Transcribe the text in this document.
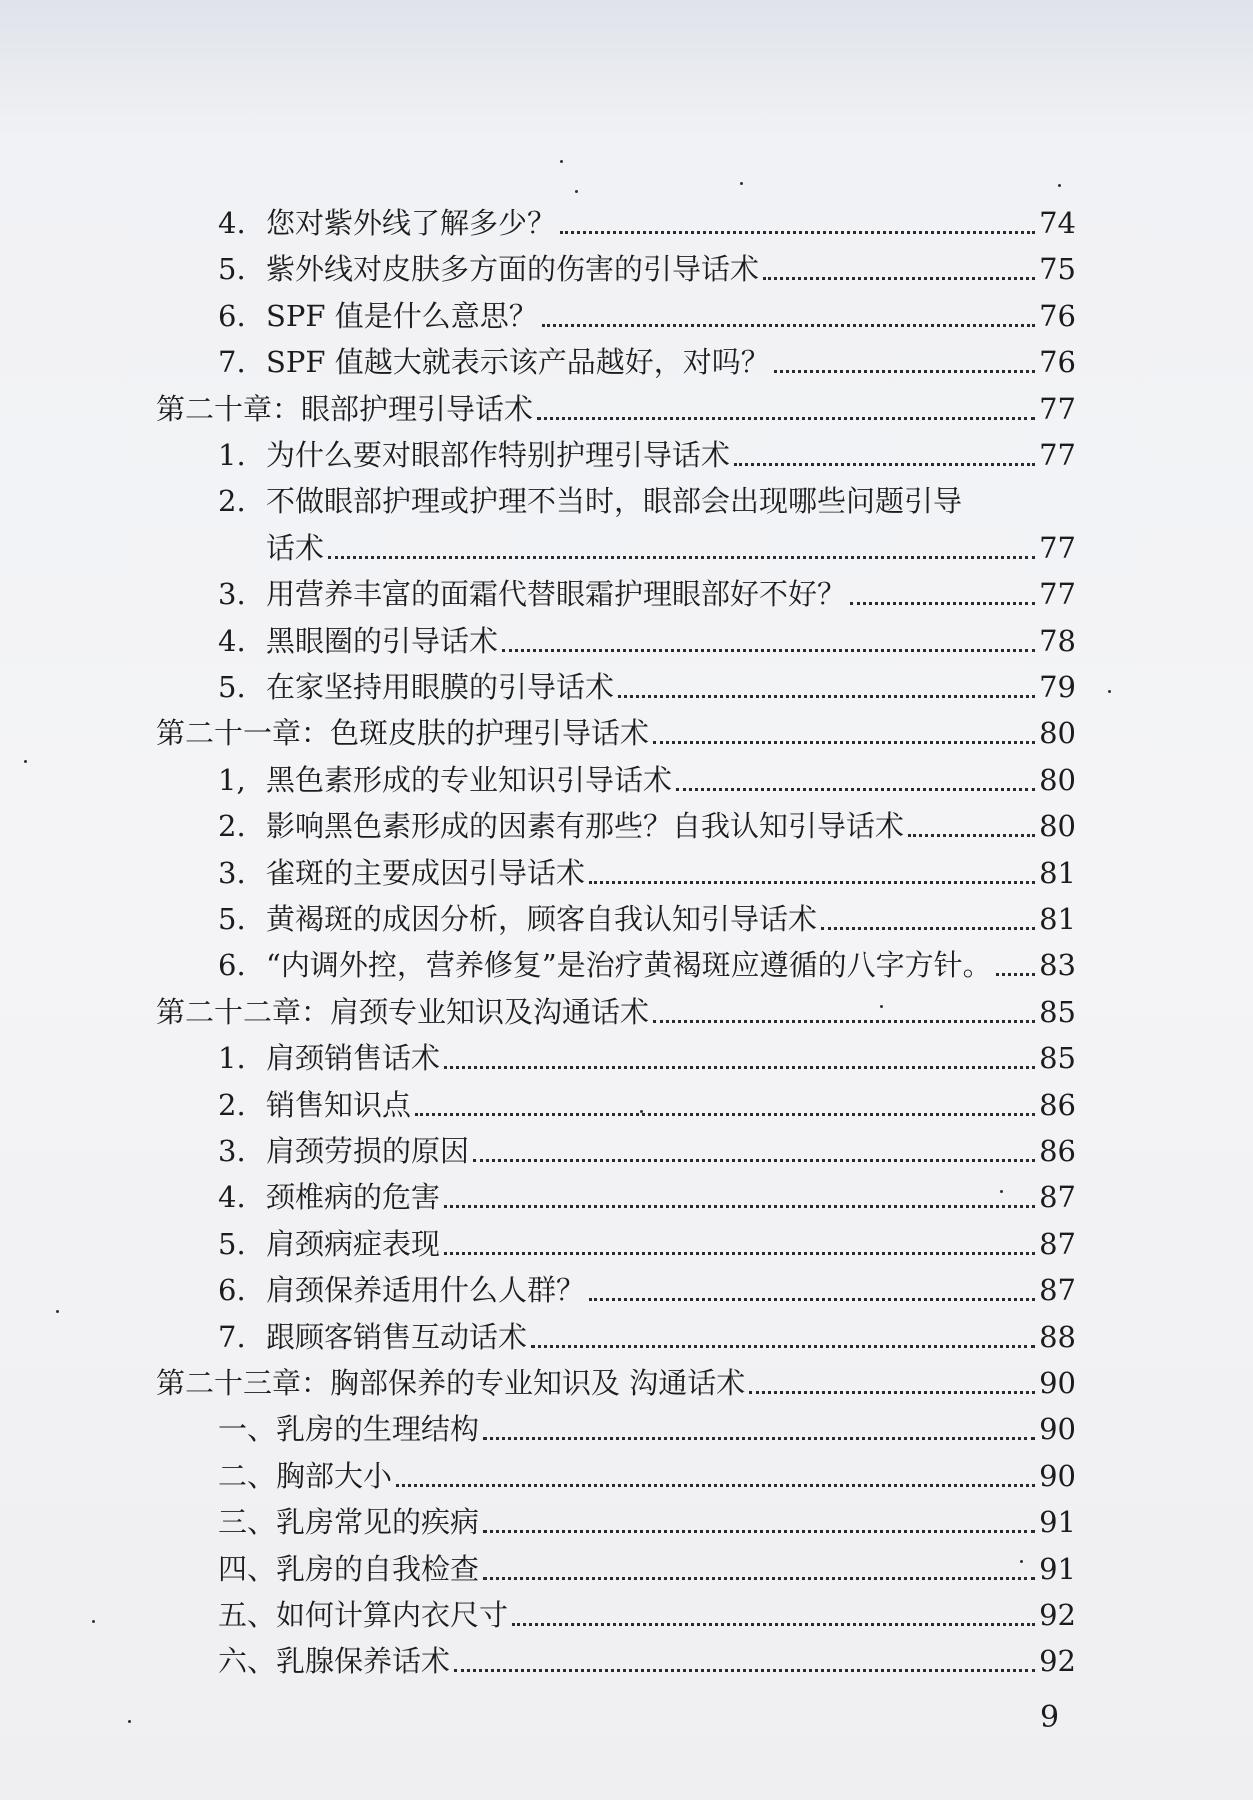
4. 您对紫外线了解多少？	74
5. 紫外线对皮肤多方面的伤害的引导话术	75
6. SPF 值是什么意思？	76
7. SPF 值越大就表示该产品越好，对吗？	76
第二十章：眼部护理引导话术	77
1. 为什么要对眼部作特别护理引导话术	77
2. 不做眼部护理或护理不当时，眼部会出现哪些问题引导
话术	77
3. 用营养丰富的面霜代替眼霜护理眼部好不好？	77
4. 黑眼圈的引导话术	78
5. 在家坚持用眼膜的引导话术	79
第二十一章：色斑皮肤的护理引导话术	80
1, 黑色素形成的专业知识引导话术	80
2. 影响黑色素形成的因素有那些？自我认知引导话术	80
3. 雀斑的主要成因引导话术	81
5. 黄褐斑的成因分析，顾客自我认知引导话术	81
6. “内调外控，营养修复”是治疗黄褐斑应遵循的八字方针。 83
第二十二章：肩颈专业知识及沟通话术	85
1. 肩颈销售话术	85
2. 销售知识点	86
3. 肩颈劳损的原因	86
4. 颈椎病的危害	87
5. 肩颈病症表现	87
6. 肩颈保养适用什么人群？	87
7. 跟顾客销售互动话术	88
第二十三章：胸部保养的专业知识及 沟通话术	90
一、乳房的生理结构	90
二、胸部大小	90
三、乳房常见的疾病	91
四、乳房的自我检查	91
五、如何计算内衣尺寸	92
六、乳腺保养话术	92
9
